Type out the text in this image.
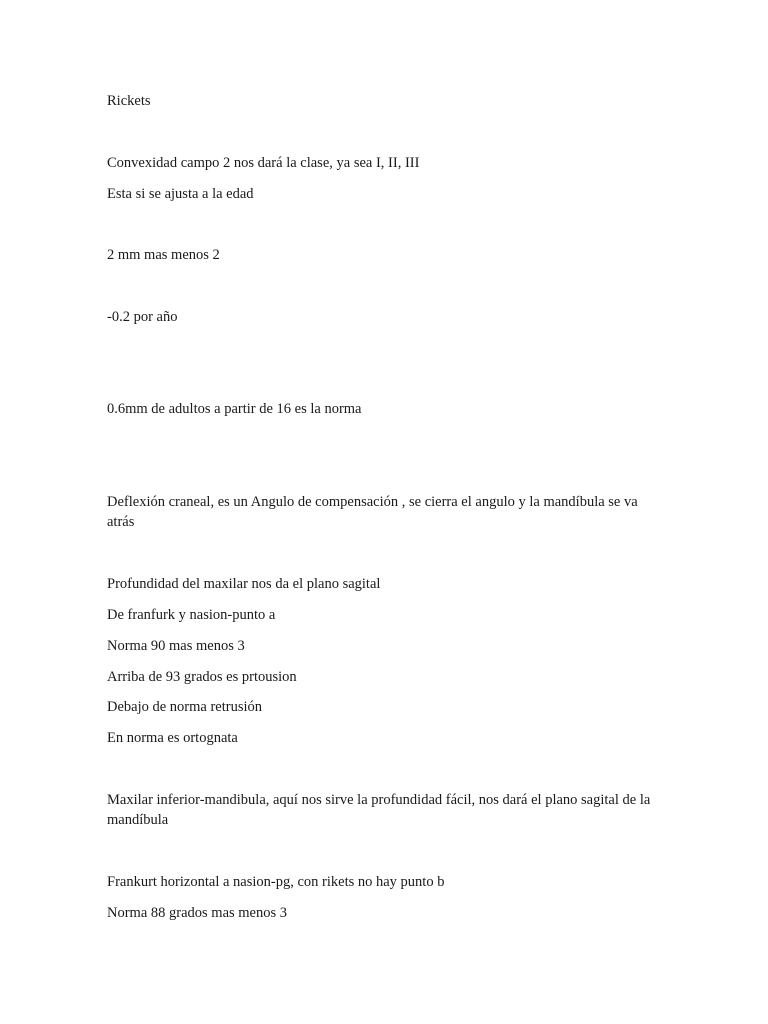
Rickets

Convexidad campo 2 nos dará la clase, ya sea I, II, III

Esta si se ajusta a la edad

2 mm mas menos 2

-0.2 por año

0.6mm de adultos a partir de 16 es la norma

Deflexión craneal, es un Angulo de compensación , se cierra el angulo y la mandíbula se va atrás

Profundidad del maxilar nos da el plano sagital

De franfurk y nasion-punto a

Norma 90 mas menos 3

Arriba de 93 grados es prtousion

Debajo de norma retrusión

En norma es ortognata

Maxilar inferior-mandibula, aquí nos sirve la profundidad fácil, nos dará el plano sagital de la mandíbula

Frankurt horizontal a nasion-pg, con rikets no hay punto b

Norma 88 grados mas menos 3
